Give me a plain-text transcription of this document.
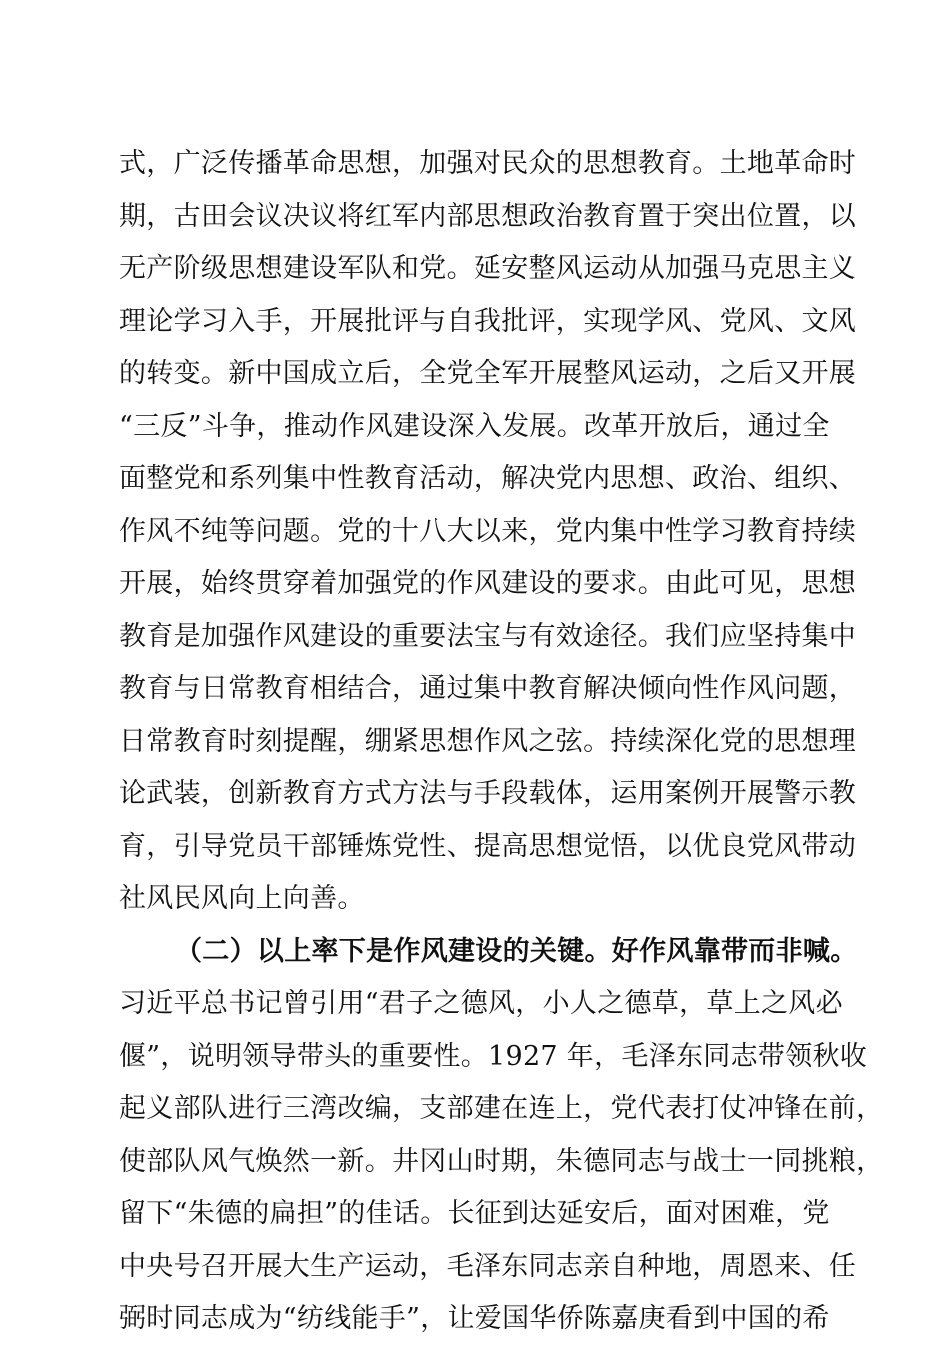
式，广泛传播革命思想，加强对民众的思想教育。土地革命时
期，古田会议决议将红军内部思想政治教育置于突出位置，以
无产阶级思想建设军队和党。延安整风运动从加强马克思主义
理论学习入手，开展批评与自我批评，实现学风、党风、文风
的转变。新中国成立后，全党全军开展整风运动，之后又开展
“三反”斗争，推动作风建设深入发展。改革开放后，通过全
面整党和系列集中性教育活动，解决党内思想、政治、组织、
作风不纯等问题。党的十八大以来，党内集中性学习教育持续
开展，始终贯穿着加强党的作风建设的要求。由此可见，思想
教育是加强作风建设的重要法宝与有效途径。我们应坚持集中
教育与日常教育相结合，通过集中教育解决倾向性作风问题，
日常教育时刻提醒，绷紧思想作风之弦。持续深化党的思想理
论武装，创新教育方式方法与手段载体，运用案例开展警示教
育，引导党员干部锤炼党性、提高思想觉悟，以优良党风带动
社风民风向上向善。
（二）以上率下是作风建设的关键。好作风靠带而非喊。
习近平总书记曾引用“君子之德风，小人之德草，草上之风必
偃”，说明领导带头的重要性。1927 年，毛泽东同志带领秋收
起义部队进行三湾改编，支部建在连上，党代表打仗冲锋在前，
使部队风气焕然一新。井冈山时期，朱德同志与战士一同挑粮，
留下“朱德的扁担”的佳话。长征到达延安后，面对困难，党
中央号召开展大生产运动，毛泽东同志亲自种地，周恩来、任
弼时同志成为“纺线能手”，让爱国华侨陈嘉庚看到中国的希
